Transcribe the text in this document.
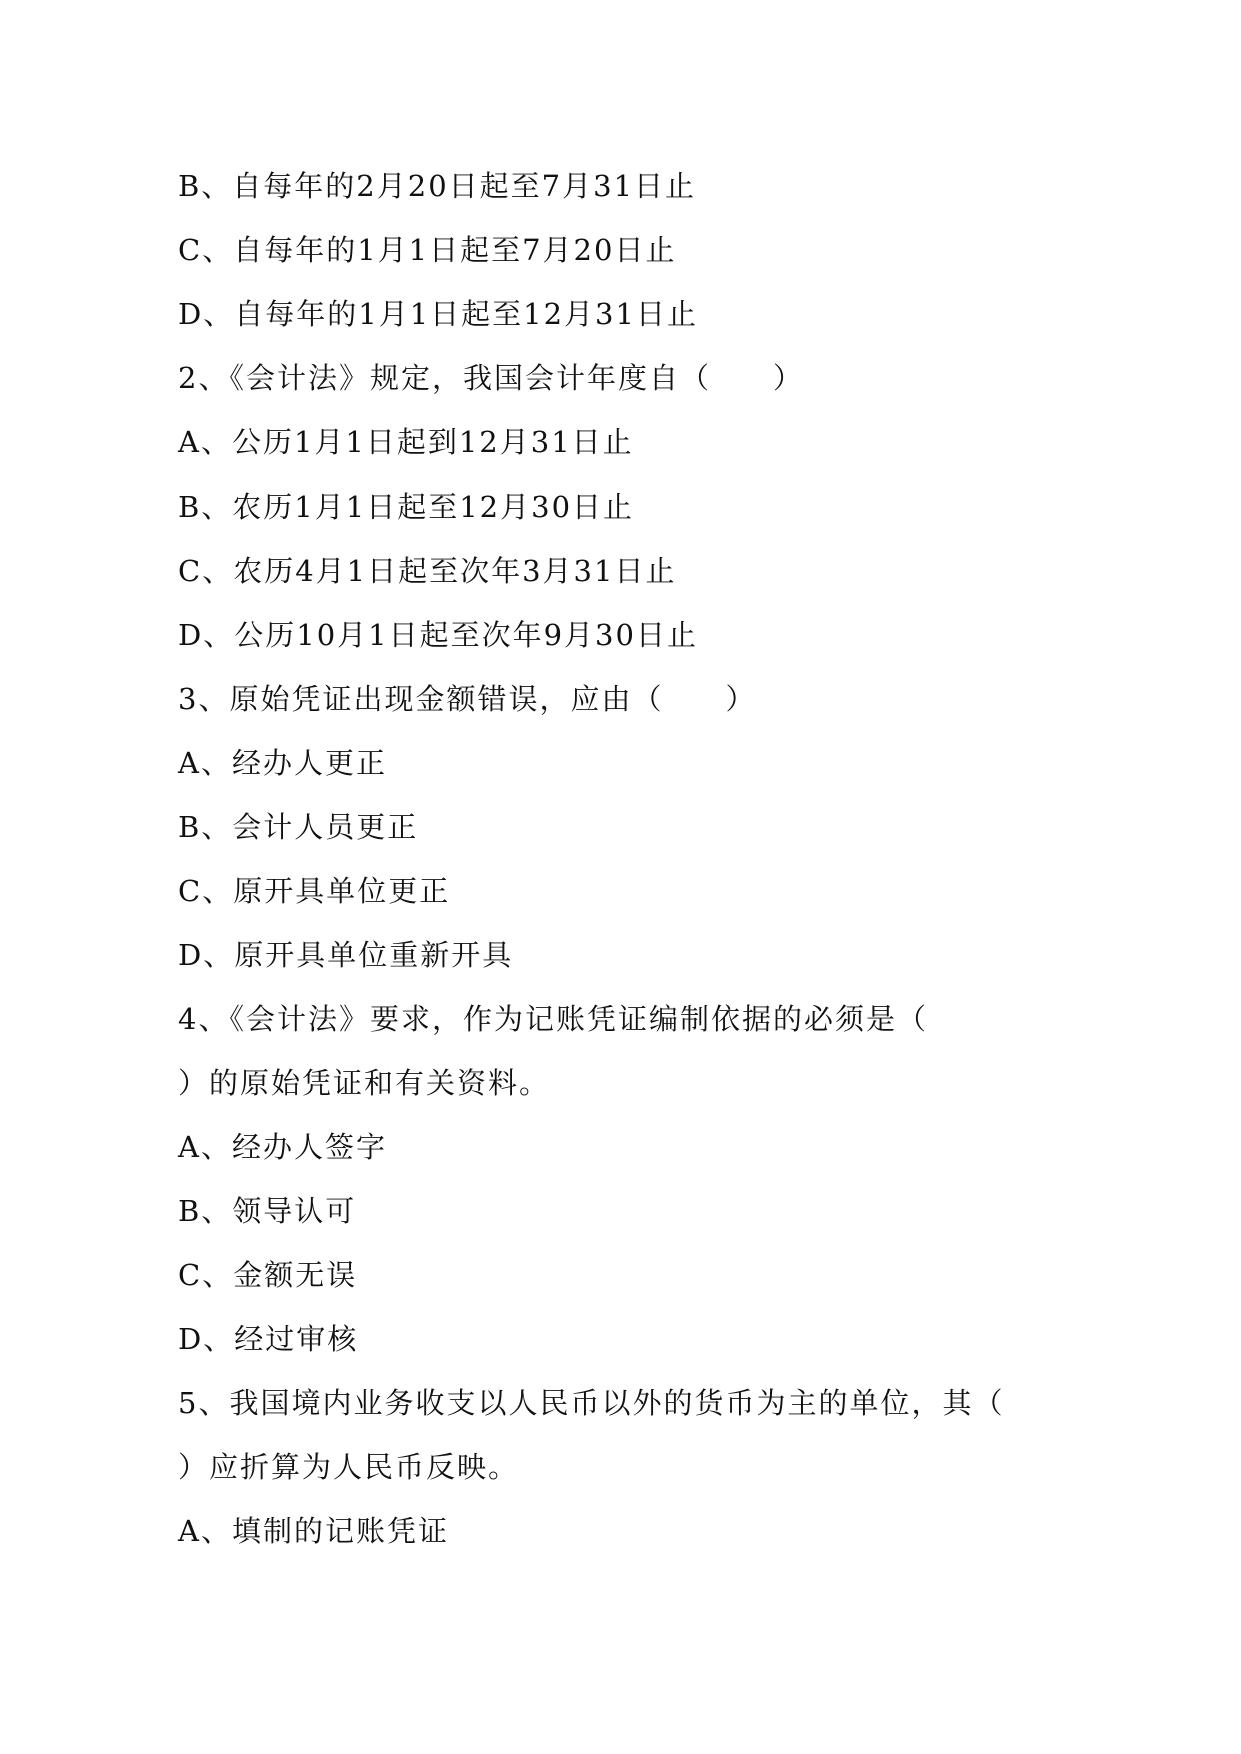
B、自每年的2月20日起至7月31日止
C、自每年的1月1日起至7月20日止
D、自每年的1月1日起至12月31日止
2、《会计法》规定，我国会计年度自（　　）
A、公历1月1日起到12月31日止
B、农历1月1日起至12月30日止
C、农历4月1日起至次年3月31日止
D、公历10月1日起至次年9月30日止
3、原始凭证出现金额错误，应由（　　）
A、经办人更正
B、会计人员更正
C、原开具单位更正
D、原开具单位重新开具
4、《会计法》要求，作为记账凭证编制依据的必须是（
）的原始凭证和有关资料。
A、经办人签字
B、领导认可
C、金额无误
D、经过审核
5、我国境内业务收支以人民币以外的货币为主的单位，其（
）应折算为人民币反映。
A、填制的记账凭证
